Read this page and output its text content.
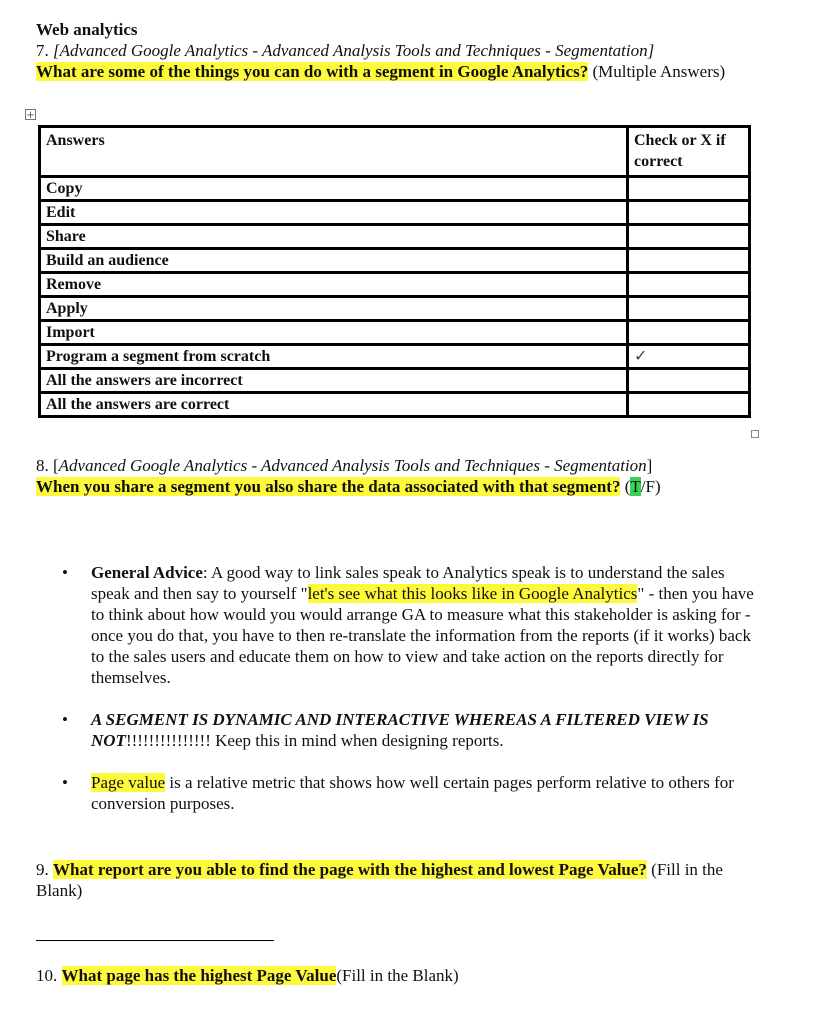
Web analytics
7. [Advanced Google Analytics - Advanced Analysis Tools and Techniques - Segmentation]
What are some of the things you can do with a segment in Google Analytics? (Multiple Answers)
+
Answers	Check or X if correct
Copy	
Edit	
Share	
Build an audience	
Remove	
Apply	
Import	
Program a segment from scratch	✓
All the answers are incorrect	
All the answers are correct	
8. [Advanced Google Analytics - Advanced Analysis Tools and Techniques - Segmentation]
When you share a segment you also share the data associated with that segment? (T/F)
• General Advice: A good way to link sales speak to Analytics speak is to understand the sales speak and then say to yourself "let's see what this looks like in Google Analytics" - then you have to think about how would you would arrange GA to measure what this stakeholder is asking for - once you do that, you have to then re-translate the information from the reports (if it works) back to the sales users and educate them on how to view and take action on the reports directly for themselves.
• A SEGMENT IS DYNAMIC AND INTERACTIVE WHEREAS A FILTERED VIEW IS NOT!!!!!!!!!!!!!!! Keep this in mind when designing reports.
• Page value is a relative metric that shows how well certain pages perform relative to others for conversion purposes.
9. What report are you able to find the page with the highest and lowest Page Value? (Fill in the Blank)
10. What page has the highest Page Value(Fill in the Blank)
